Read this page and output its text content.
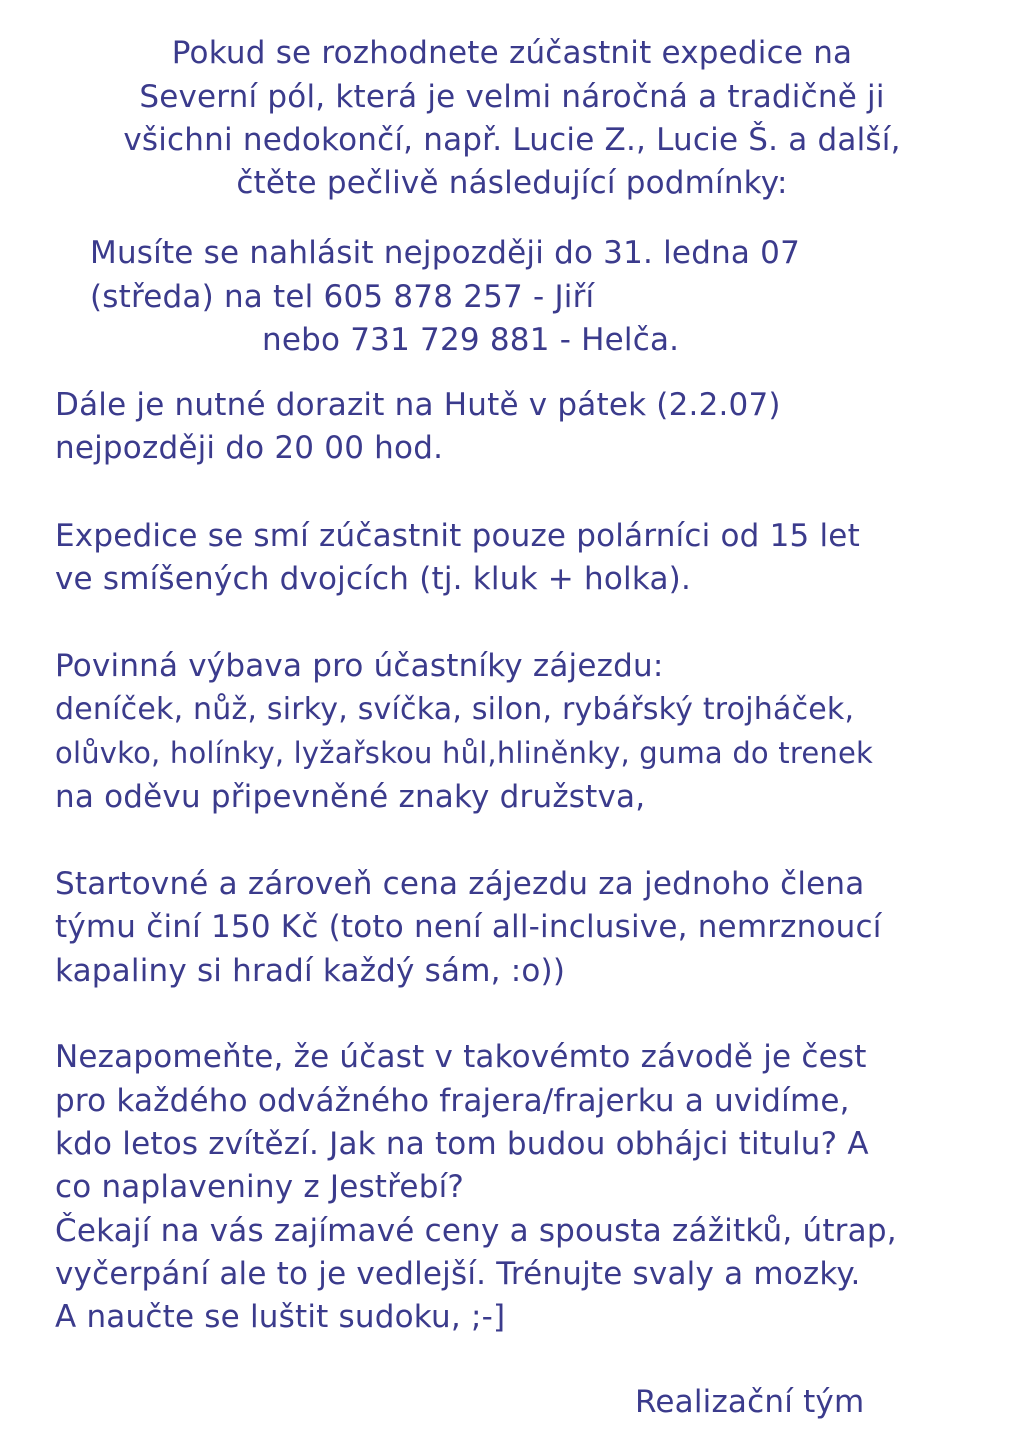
Pokud se rozhodnete zúčastnit expedice na
Severní pól, která je velmi náročná a tradičně ji
všichni nedokončí, např. Lucie Z., Lucie Š. a další,
čtěte pečlivě následující podmínky:
Musíte se nahlásit nejpozději do 31. ledna 07
(středa) na tel 605 878 257 - Jiří
nebo 731 729 881 - Helča.
Dále je nutné dorazit na Hutě v pátek (2.2.07)
nejpozději do 20 00 hod.
Expedice se smí zúčastnit pouze polárníci od 15 let
ve smíšených dvojcích (tj. kluk + holka).
Povinná výbava pro účastníky zájezdu:
deníček, nůž, sirky, svíčka, silon, rybářský trojháček,
olůvko, holínky, lyžařskou hůl,hliněnky, guma do trenek
na oděvu připevněné znaky družstva,
Startovné a zároveň cena zájezdu za jednoho člena
týmu činí 150 Kč (toto není all-inclusive, nemrznoucí
kapaliny si hradí každý sám, :o))
Nezapomeňte, že účast v takovémto závodě je čest
pro každého odvážného frajera/frajerku a uvidíme,
kdo letos zvítězí. Jak na tom budou obhájci titulu? A
co naplaveniny z Jestřebí?
Čekají na vás zajímavé ceny a spousta zážitků, útrap,
vyčerpání ale to je vedlejší. Trénujte svaly a mozky.
A naučte se luštit sudoku, ;-]
Realizační tým
